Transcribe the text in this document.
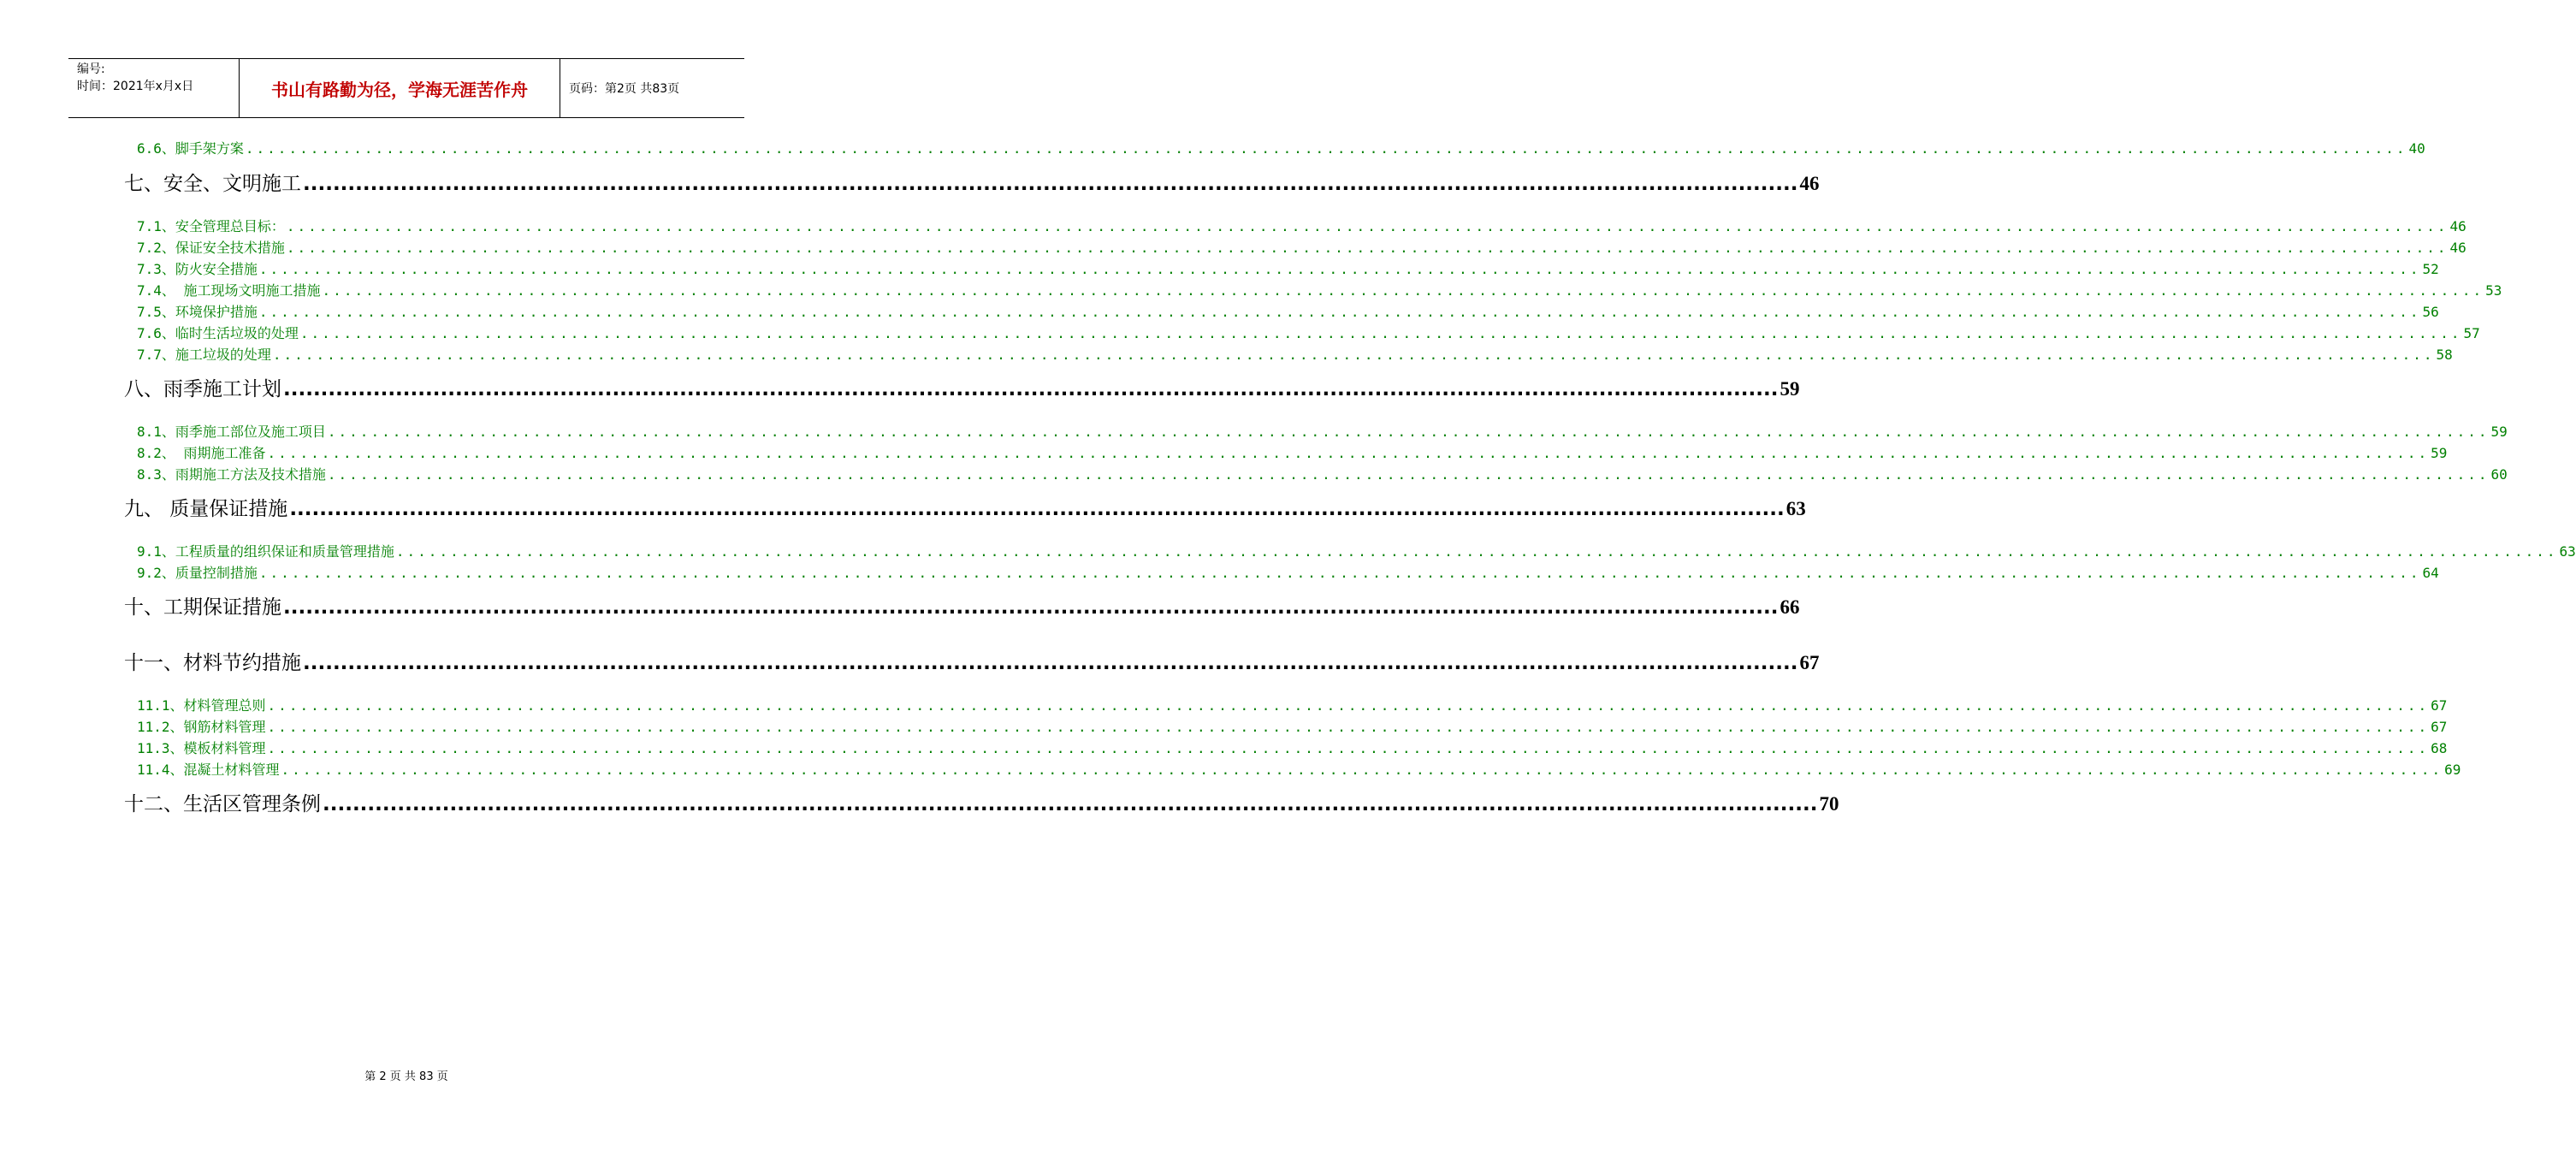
编号:
时间：2021年x月x日	书山有路勤为径，学海无涯苦作舟	页码：第2页 共83页
6.6、脚手架方案 ........................................................................................................................................................................................................ 40
七、安全、文明施工 ........................................................................................................................................................................................................ 46
7.1、安全管理总目标： ........................................................................................................................................................................................................ 46
7.2、保证安全技术措施 ........................................................................................................................................................................................................ 46
7.3、防火安全措施 ........................................................................................................................................................................................................ 52
7.4、 施工现场文明施工措施 ........................................................................................................................................................................................................ 53
7.5、环境保护措施 ........................................................................................................................................................................................................ 56
7.6、临时生活垃圾的处理 ........................................................................................................................................................................................................ 57
7.7、施工垃圾的处理 ........................................................................................................................................................................................................ 58
八、雨季施工计划 ........................................................................................................................................................................................................ 59
8.1、雨季施工部位及施工项目 ........................................................................................................................................................................................................ 59
8.2、 雨期施工准备 ........................................................................................................................................................................................................ 59
8.3、雨期施工方法及技术措施 ........................................................................................................................................................................................................ 60
九、 质量保证措施 ........................................................................................................................................................................................................ 63
9.1、工程质量的组织保证和质量管理措施 ........................................................................................................................................................................................................ 63
9.2、质量控制措施 ........................................................................................................................................................................................................ 64
十、工期保证措施 ........................................................................................................................................................................................................ 66
十一、材料节约措施 ........................................................................................................................................................................................................ 67
11.1、材料管理总则 ........................................................................................................................................................................................................ 67
11.2、钢筋材料管理 ........................................................................................................................................................................................................ 67
11.3、模板材料管理 ........................................................................................................................................................................................................ 68
11.4、混凝土材料管理 ........................................................................................................................................................................................................ 69
十二、生活区管理条例 ........................................................................................................................................................................................................ 70
第 2 页 共 83 页
